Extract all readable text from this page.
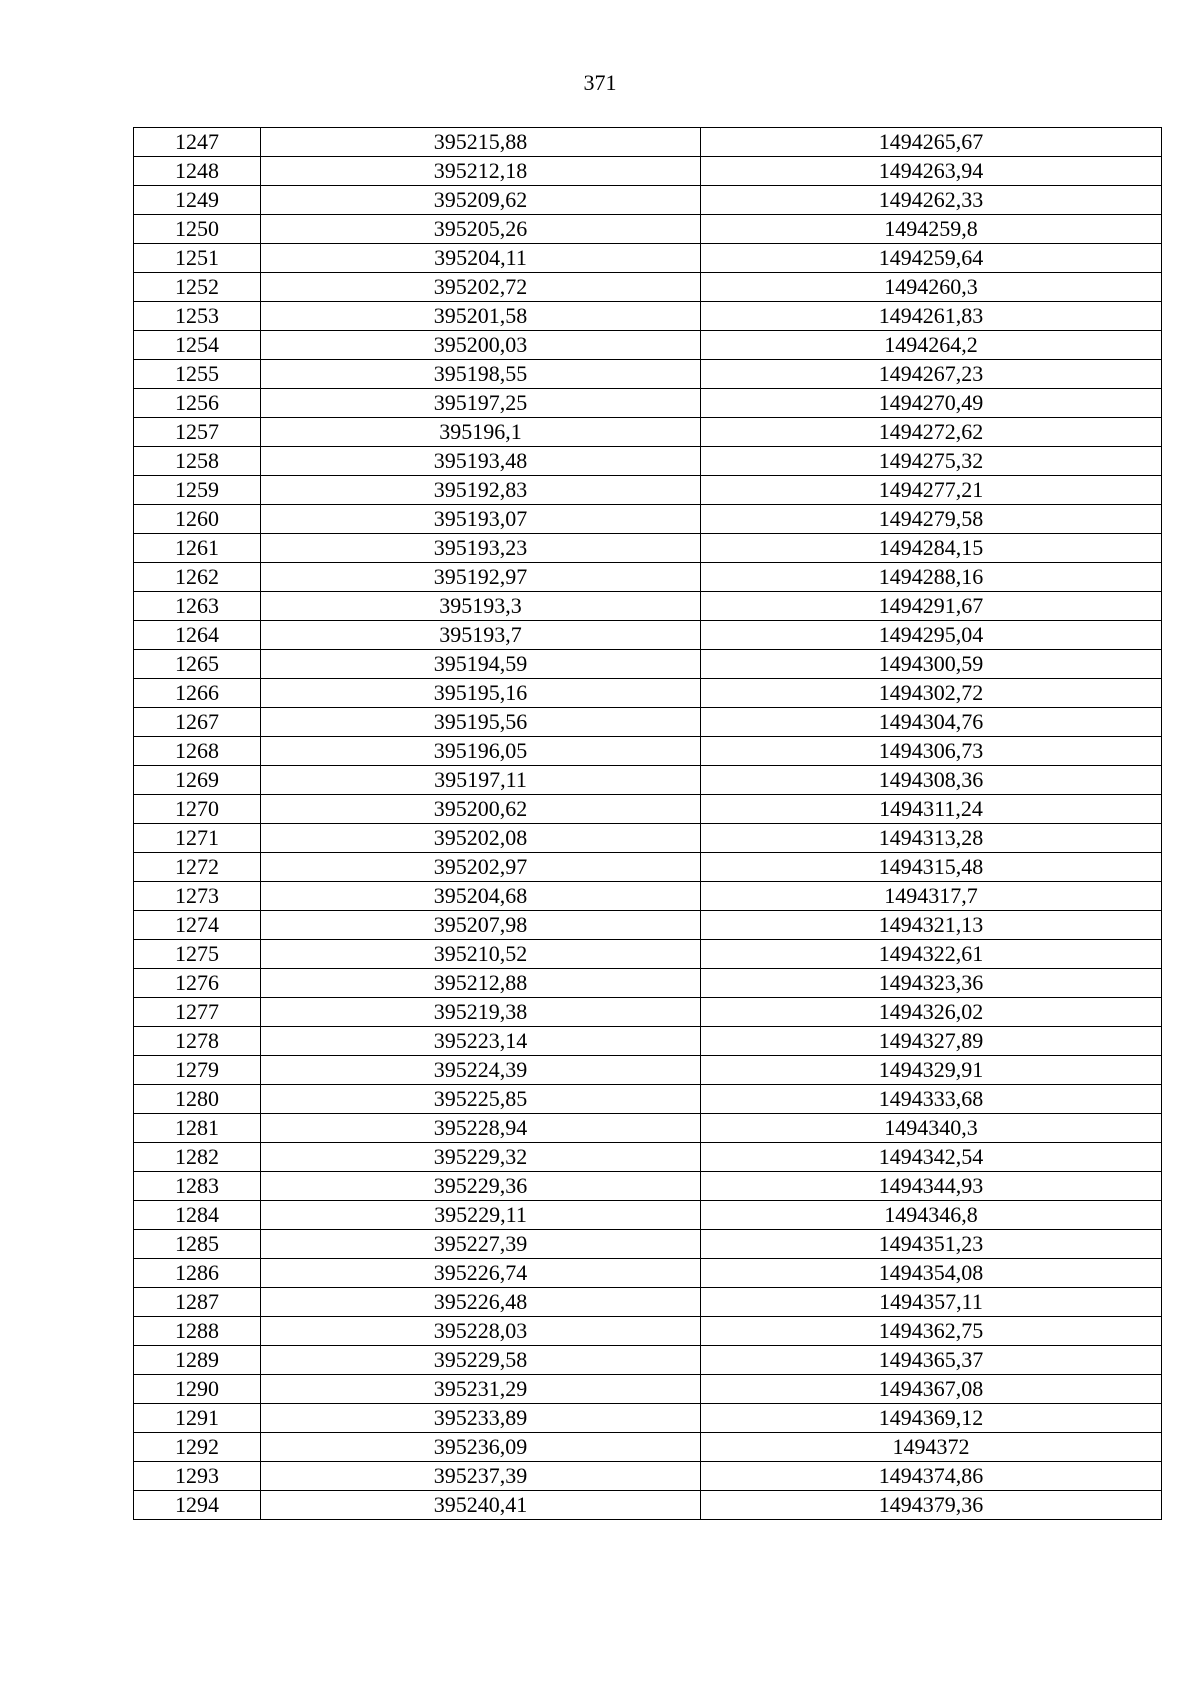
371
1247	395215,88	1494265,67
1248	395212,18	1494263,94
1249	395209,62	1494262,33
1250	395205,26	1494259,8
1251	395204,11	1494259,64
1252	395202,72	1494260,3
1253	395201,58	1494261,83
1254	395200,03	1494264,2
1255	395198,55	1494267,23
1256	395197,25	1494270,49
1257	395196,1	1494272,62
1258	395193,48	1494275,32
1259	395192,83	1494277,21
1260	395193,07	1494279,58
1261	395193,23	1494284,15
1262	395192,97	1494288,16
1263	395193,3	1494291,67
1264	395193,7	1494295,04
1265	395194,59	1494300,59
1266	395195,16	1494302,72
1267	395195,56	1494304,76
1268	395196,05	1494306,73
1269	395197,11	1494308,36
1270	395200,62	1494311,24
1271	395202,08	1494313,28
1272	395202,97	1494315,48
1273	395204,68	1494317,7
1274	395207,98	1494321,13
1275	395210,52	1494322,61
1276	395212,88	1494323,36
1277	395219,38	1494326,02
1278	395223,14	1494327,89
1279	395224,39	1494329,91
1280	395225,85	1494333,68
1281	395228,94	1494340,3
1282	395229,32	1494342,54
1283	395229,36	1494344,93
1284	395229,11	1494346,8
1285	395227,39	1494351,23
1286	395226,74	1494354,08
1287	395226,48	1494357,11
1288	395228,03	1494362,75
1289	395229,58	1494365,37
1290	395231,29	1494367,08
1291	395233,89	1494369,12
1292	395236,09	1494372
1293	395237,39	1494374,86
1294	395240,41	1494379,36
